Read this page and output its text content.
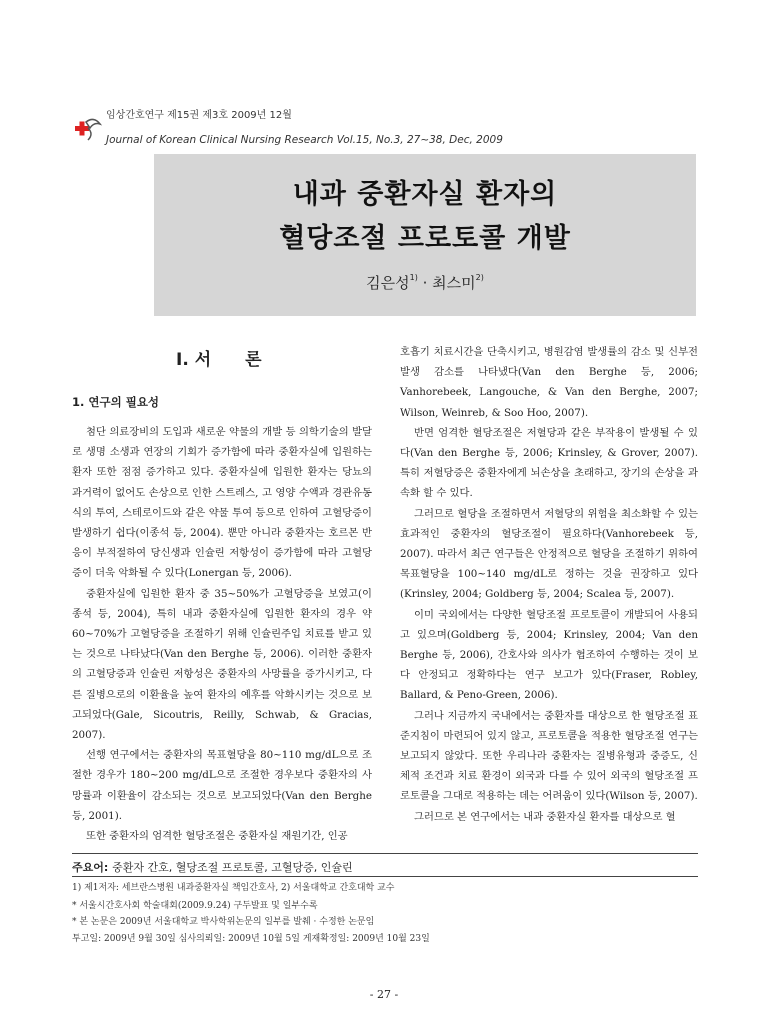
임상간호연구 제15권 제3호 2009년 12월
Journal of Korean Clinical Nursing Research Vol.15, No.3, 27~38, Dec, 2009
내과 중환자실 환자의
혈당조절 프로토콜 개발
김은성$^{1)}$ · 최스미$^{2)}$
Ⅰ. 서　　론
1. 연구의 필요성

첨단 의료장비의 도입과 새로운 약물의 개발 등 의학기술의 발달로 생명 소생과 연장의 기회가 증가함에 따라 중환자실에 입원하는 환자 또한 점점 증가하고 있다. 중환자실에 입원한 환자는 당뇨의 과거력이 없어도 손상으로 인한 스트레스, 고 영양 수액과 경관유동식의 투여, 스테로이드와 같은 약물 투여 등으로 인하여 고혈당증이 발생하기 쉽다(이종석 등, 2004). 뿐만 아니라 중환자는 호르몬 반응이 부적절하여 당신생과 인슐린 저항성이 증가함에 따라 고혈당증이 더욱 악화될 수 있다(Lonergan 등, 2006).

중환자실에 입원한 환자 중 35~50%가 고혈당증을 보였고(이종석 등, 2004), 특히 내과 중환자실에 입원한 환자의 경우 약 60~70%가 고혈당증을 조절하기 위해 인슐린주입 치료를 받고 있는 것으로 나타났다(Van den Berghe 등, 2006). 이러한 중환자의 고혈당증과 인슐린 저항성은 중환자의 사망률을 증가시키고, 다른 질병으로의 이환율을 높여 환자의 예후를 악화시키는 것으로 보고되었다(Gale, Sicoutris, Reilly, Schwab, & Gracias, 2007).

선행 연구에서는 중환자의 목표혈당을 80~110 mg/dL으로 조절한 경우가 180~200 mg/dL으로 조절한 경우보다 중환자의 사망률과 이환율이 감소되는 것으로 보고되었다(Van den Berghe 등, 2001).

또한 중환자의 엄격한 혈당조절은 중환자실 재원기간, 인공

호흡기 치료시간을 단축시키고, 병원감염 발생률의 감소 및 신부전 발생 감소를 나타냈다(Van den Berghe 등, 2006; Vanhorebeek, Langouche, & Van den Berghe, 2007; Wilson, Weinreb, & Soo Hoo, 2007).

반면 엄격한 혈당조절은 저혈당과 같은 부작용이 발생될 수 있다(Van den Berghe 등, 2006; Krinsley, & Grover, 2007). 특히 저혈당증은 중환자에게 뇌손상을 초래하고, 장기의 손상을 과속화 할 수 있다.

그러므로 혈당을 조절하면서 저혈당의 위험을 최소화할 수 있는 효과적인 중환자의 혈당조절이 필요하다(Vanhorebeek 등, 2007). 따라서 최근 연구들은 안정적으로 혈당을 조절하기 위하여 목표혈당을 100~140 mg/dL로 정하는 것을 권장하고 있다(Krinsley, 2004; Goldberg 등, 2004; Scalea 등, 2007).

이미 국외에서는 다양한 혈당조절 프로토콜이 개발되어 사용되고 있으며(Goldberg 등, 2004; Krinsley, 2004; Van den Berghe 등, 2006), 간호사와 의사가 협조하여 수행하는 것이 보다 안정되고 정확하다는 연구 보고가 있다(Fraser, Robley, Ballard, & Peno-Green, 2006).

그러나 지금까지 국내에서는 중환자를 대상으로 한 혈당조절 표준지침이 마련되어 있지 않고, 프로토콜을 적용한 혈당조절 연구는 보고되지 않았다. 또한 우리나라 중환자는 질병유형과 중증도, 신체적 조건과 치료 환경이 외국과 다를 수 있어 외국의 혈당조절 프로토콜을 그대로 적용하는 데는 어려움이 있다(Wilson 등, 2007).

그러므로 본 연구에서는 내과 중환자실 환자를 대상으로 혈

주요어: 중환자 간호, 혈당조절 프로토콜, 고혈당증, 인슐린
1) 제1저자: 세브란스병원 내과중환자실 책임간호사, 2) 서울대학교 간호대학 교수
* 서울시간호사회 학술대회(2009.9.24) 구두발표 및 일부수록
* 본 논문은 2009년 서울대학교 박사학위논문의 일부를 발췌 · 수정한 논문임
투고일: 2009년 9월 30일 심사의뢰일: 2009년 10월 5일 게재확정일: 2009년 10월 23일
- 27 -
